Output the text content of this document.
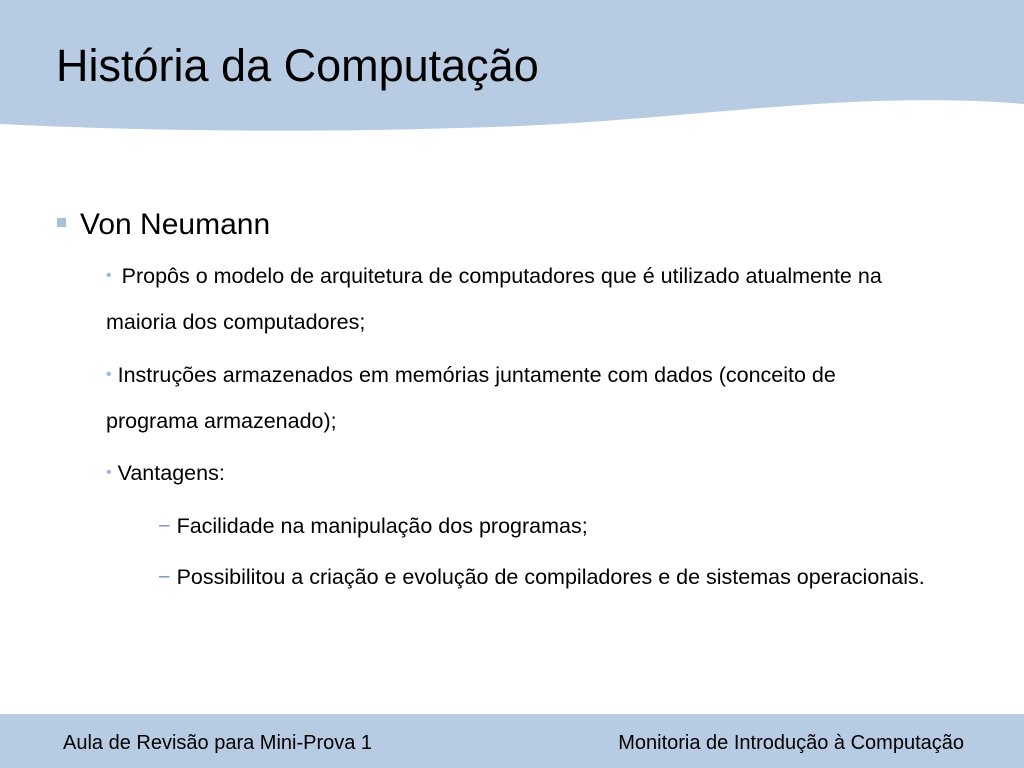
História da Computação
Von Neumann

• Propôs o modelo de arquitetura de computadores que é utilizado atualmente na maioria dos computadores;

• Instruções armazenados em memórias juntamente com dados (conceito de programa armazenado);

• Vantagens:

− Facilidade na manipulação dos programas;

− Possibilitou a criação e evolução de compiladores e de sistemas operacionais.

Aula de Revisão para Mini-Prova 1	Monitoria de Introdução à Computação
